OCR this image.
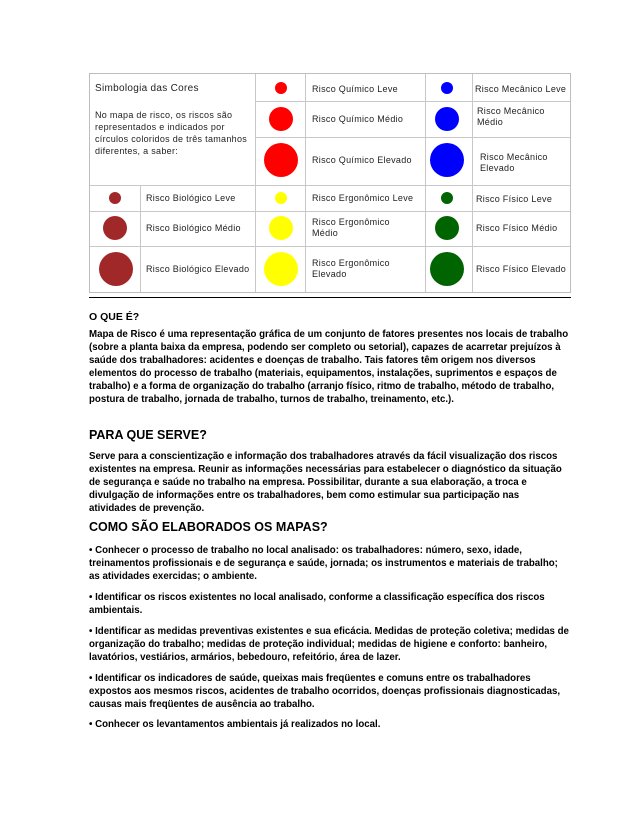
Simbologia das Cores
No mapa de risco, os riscos são representados e indicados por círculos coloridos de três tamanhos diferentes, a saber:
Risco Químico Leve
Risco Químico Médio
Risco Químico Elevado
Risco Mecânico Leve
Risco Mecânico Médio
Risco Mecânico Elevado
Risco Biológico Leve
Risco Biológico Médio
Risco Biológico Elevado
Risco Ergonômico Leve
Risco Ergonômico Médio
Risco Ergonômico Elevado
Risco Físico Leve
Risco Físico Médio
Risco Físico Elevado
O QUE É?

Mapa de Risco é uma representação gráfica de um conjunto de fatores presentes nos locais de trabalho (sobre a planta baixa da empresa, podendo ser completo ou setorial), capazes de acarretar prejuízos à saúde dos trabalhadores: acidentes e doenças de trabalho. Tais fatores têm origem nos diversos elementos do processo de trabalho (materiais, equipamentos, instalações, suprimentos e espaços de trabalho) e a forma de organização do trabalho (arranjo físico, ritmo de trabalho, método de trabalho, postura de trabalho, jornada de trabalho, turnos de trabalho, treinamento, etc.).

PARA QUE SERVE?

Serve para a conscientização e informação dos trabalhadores através da fácil visualização dos riscos existentes na empresa. Reunir as informações necessárias para estabelecer o diagnóstico da situação de segurança e saúde no trabalho na empresa. Possibilitar, durante a sua elaboração, a troca e divulgação de informações entre os trabalhadores, bem como estimular sua participação nas atividades de prevenção.

COMO SÃO ELABORADOS OS MAPAS?

• Conhecer o processo de trabalho no local analisado: os trabalhadores: número, sexo, idade, treinamentos profissionais e de segurança e saúde, jornada; os instrumentos e materiais de trabalho; as atividades exercidas; o ambiente.

• Identificar os riscos existentes no local analisado, conforme a classificação específica dos riscos ambientais.

• Identificar as medidas preventivas existentes e sua eficácia. Medidas de proteção coletiva; medidas de organização do trabalho; medidas de proteção individual; medidas de higiene e conforto: banheiro, lavatórios, vestiários, armários, bebedouro, refeitório, área de lazer.

• Identificar os indicadores de saúde, queixas mais freqüentes e comuns entre os trabalhadores expostos aos mesmos riscos, acidentes de trabalho ocorridos, doenças profissionais diagnosticadas, causas mais freqüentes de ausência ao trabalho.

• Conhecer os levantamentos ambientais já realizados no local.
